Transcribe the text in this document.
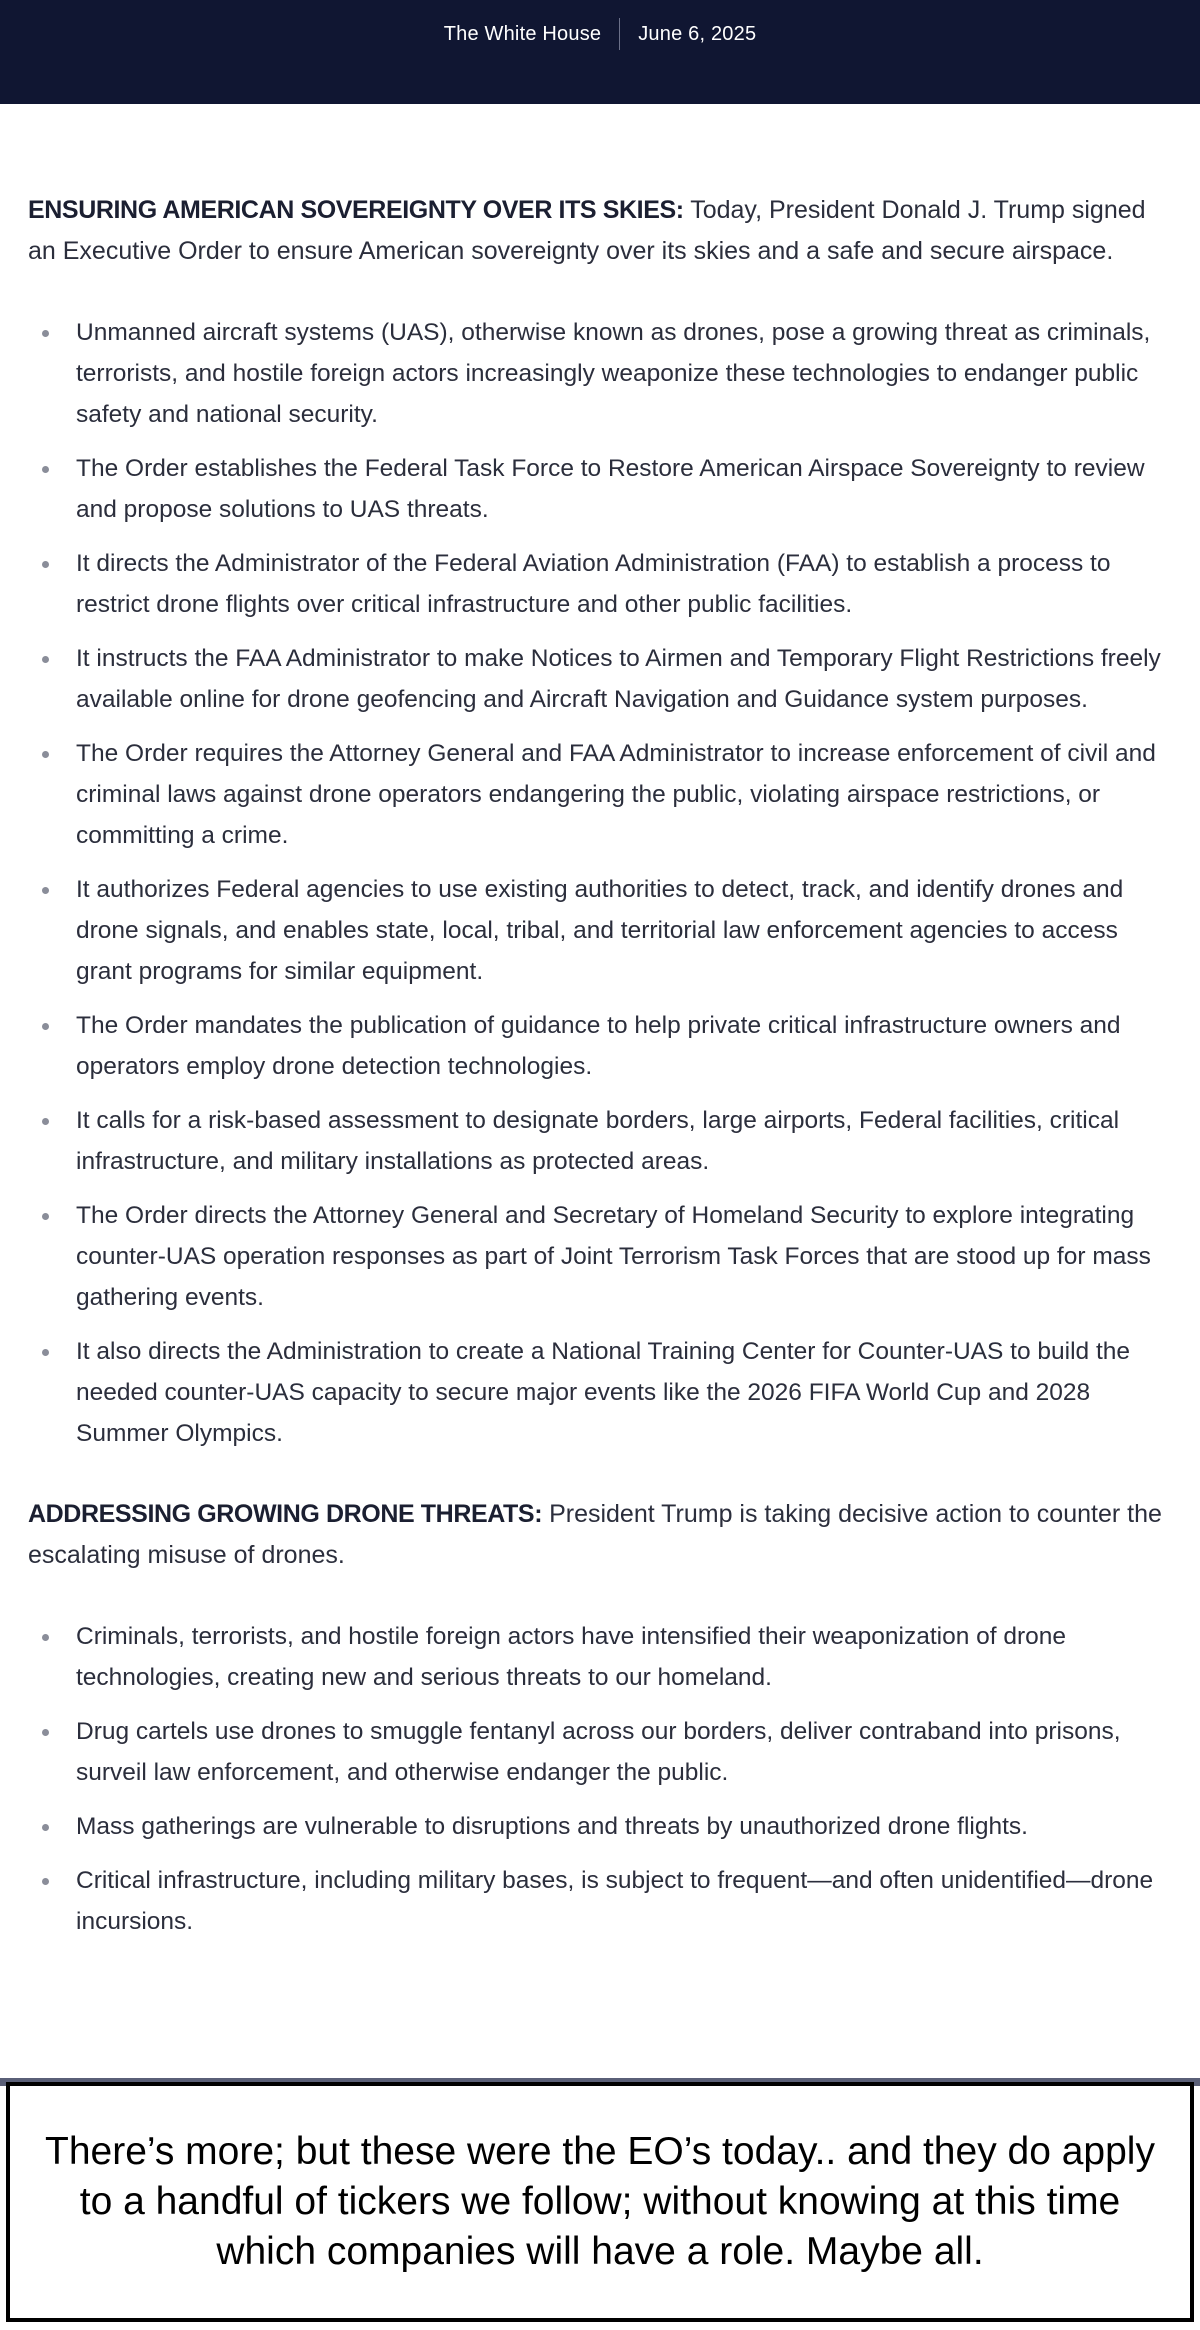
The White House June 6, 2025

ENSURING AMERICAN SOVEREIGNTY OVER ITS SKIES: Today, President Donald J. Trump signed an Executive Order to ensure American sovereignty over its skies and a safe and secure airspace.

Unmanned aircraft systems (UAS), otherwise known as drones, pose a growing threat as criminals, terrorists, and hostile foreign actors increasingly weaponize these technologies to endanger public safety and national security.
The Order establishes the Federal Task Force to Restore American Airspace Sovereignty to review and propose solutions to UAS threats.
It directs the Administrator of the Federal Aviation Administration (FAA) to establish a process to restrict drone flights over critical infrastructure and other public facilities.
It instructs the FAA Administrator to make Notices to Airmen and Temporary Flight Restrictions freely available online for drone geofencing and Aircraft Navigation and Guidance system purposes.
The Order requires the Attorney General and FAA Administrator to increase enforcement of civil and criminal laws against drone operators endangering the public, violating airspace restrictions, or committing a crime.
It authorizes Federal agencies to use existing authorities to detect, track, and identify drones and drone signals, and enables state, local, tribal, and territorial law enforcement agencies to access grant programs for similar equipment.
The Order mandates the publication of guidance to help private critical infrastructure owners and operators employ drone detection technologies.
It calls for a risk-based assessment to designate borders, large airports, Federal facilities, critical infrastructure, and military installations as protected areas.
The Order directs the Attorney General and Secretary of Homeland Security to explore integrating counter-UAS operation responses as part of Joint Terrorism Task Forces that are stood up for mass gathering events.
It also directs the Administration to create a National Training Center for Counter-UAS to build the needed counter-UAS capacity to secure major events like the 2026 FIFA World Cup and 2028 Summer Olympics.

ADDRESSING GROWING DRONE THREATS: President Trump is taking decisive action to counter the escalating misuse of drones.

Criminals, terrorists, and hostile foreign actors have intensified their weaponization of drone technologies, creating new and serious threats to our homeland.
Drug cartels use drones to smuggle fentanyl across our borders, deliver contraband into prisons, surveil law enforcement, and otherwise endanger the public.
Mass gatherings are vulnerable to disruptions and threats by unauthorized drone flights.
Critical infrastructure, including military bases, is subject to frequent—and often unidentified—drone incursions.

There’s more; but these were the EO’s today.. and they do apply to a handful of tickers we follow; without knowing at this time which companies will have a role. Maybe all.
